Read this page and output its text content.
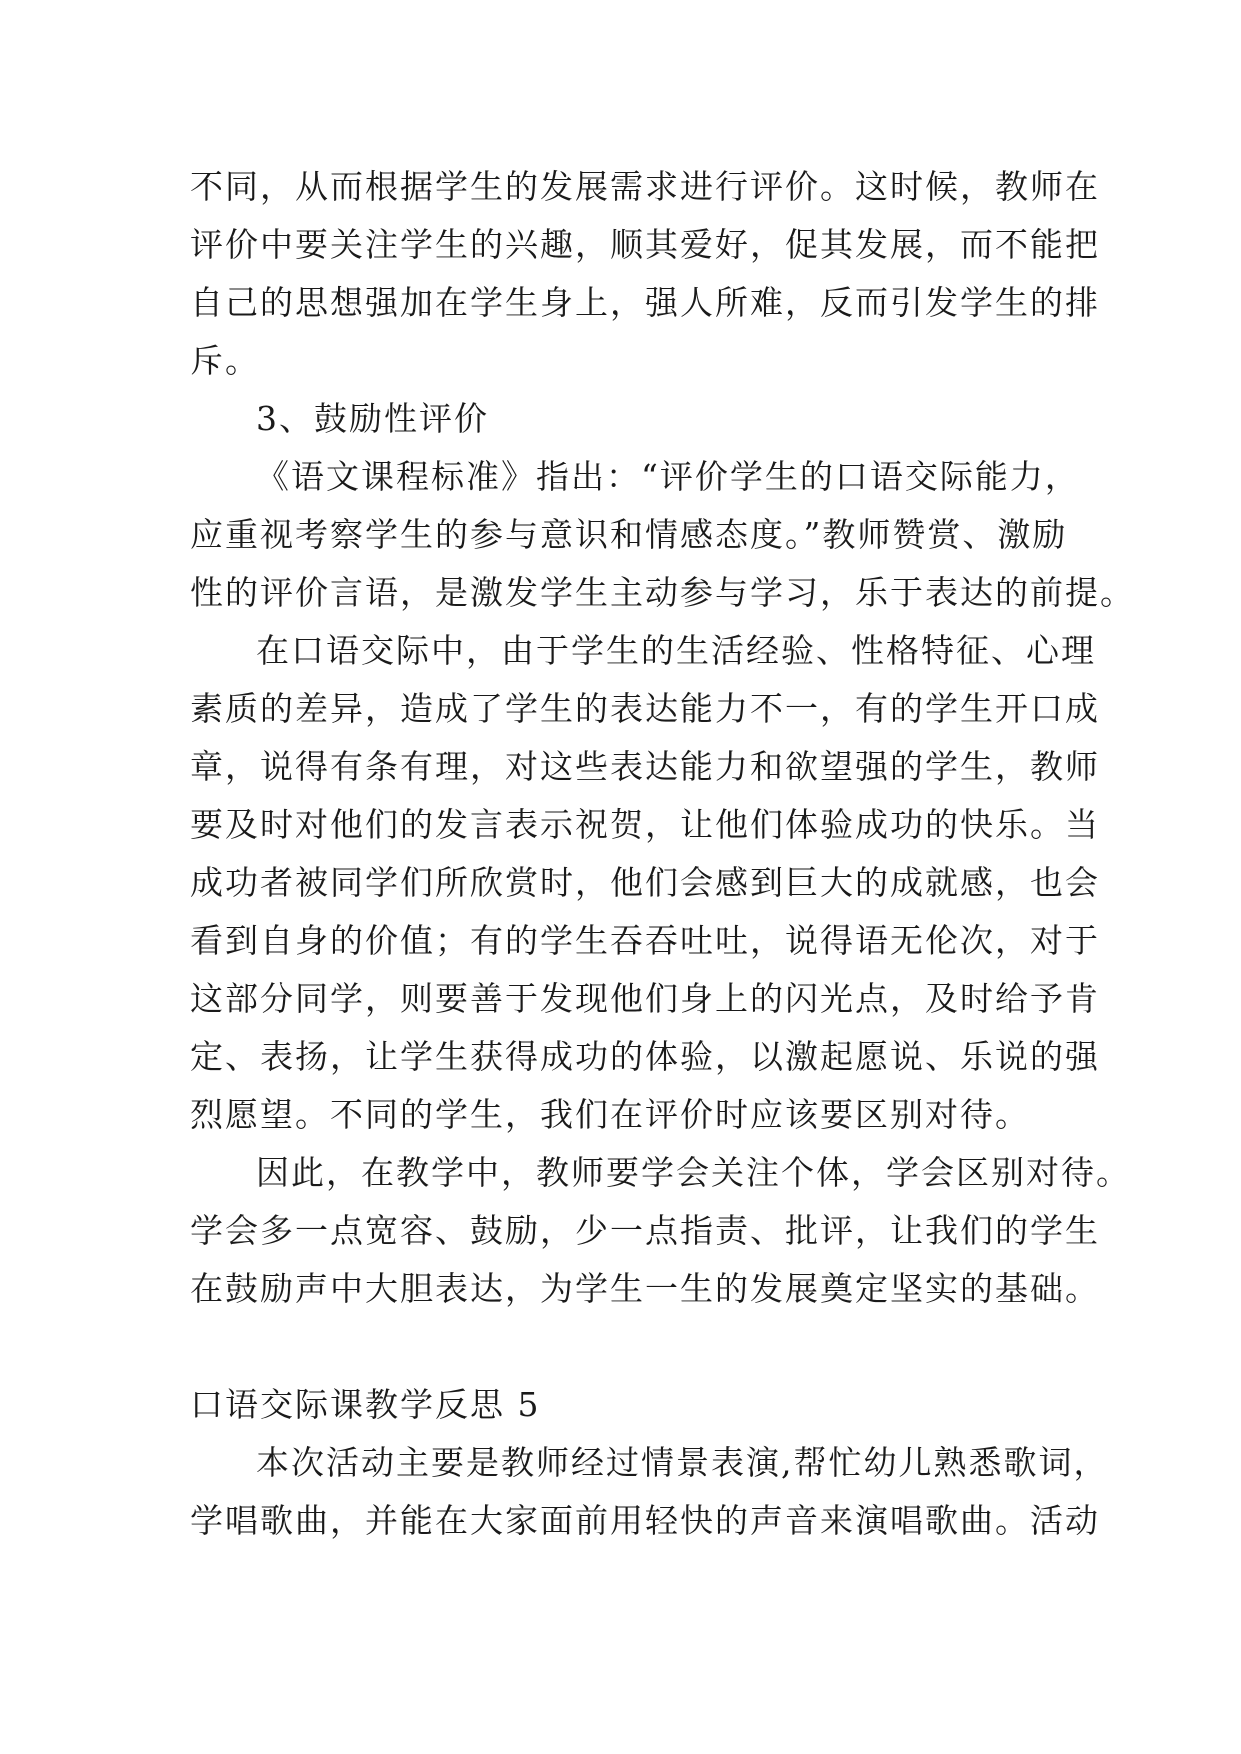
不同，从而根据学生的发展需求进行评价。这时候，教师在
评价中要关注学生的兴趣，顺其爱好，促其发展，而不能把
自己的思想强加在学生身上，强人所难，反而引发学生的排
斥。
3、鼓励性评价
《语文课程标准》指出：“评价学生的口语交际能力，
应重视考察学生的参与意识和情感态度。”教师赞赏、激励
性的评价言语，是激发学生主动参与学习，乐于表达的前提。
在口语交际中，由于学生的生活经验、性格特征、心理
素质的差异，造成了学生的表达能力不一，有的学生开口成
章，说得有条有理，对这些表达能力和欲望强的学生，教师
要及时对他们的发言表示祝贺，让他们体验成功的快乐。当
成功者被同学们所欣赏时，他们会感到巨大的成就感，也会
看到自身的价值；有的学生吞吞吐吐，说得语无伦次，对于
这部分同学，则要善于发现他们身上的闪光点，及时给予肯
定、表扬，让学生获得成功的体验，以激起愿说、乐说的强
烈愿望。不同的学生，我们在评价时应该要区别对待。
因此，在教学中，教师要学会关注个体，学会区别对待。
学会多一点宽容、鼓励，少一点指责、批评，让我们的学生
在鼓励声中大胆表达，为学生一生的发展奠定坚实的基础。
口语交际课教学反思 5
本次活动主要是教师经过情景表演,帮忙幼儿熟悉歌词，
学唱歌曲，并能在大家面前用轻快的声音来演唱歌曲。活动
